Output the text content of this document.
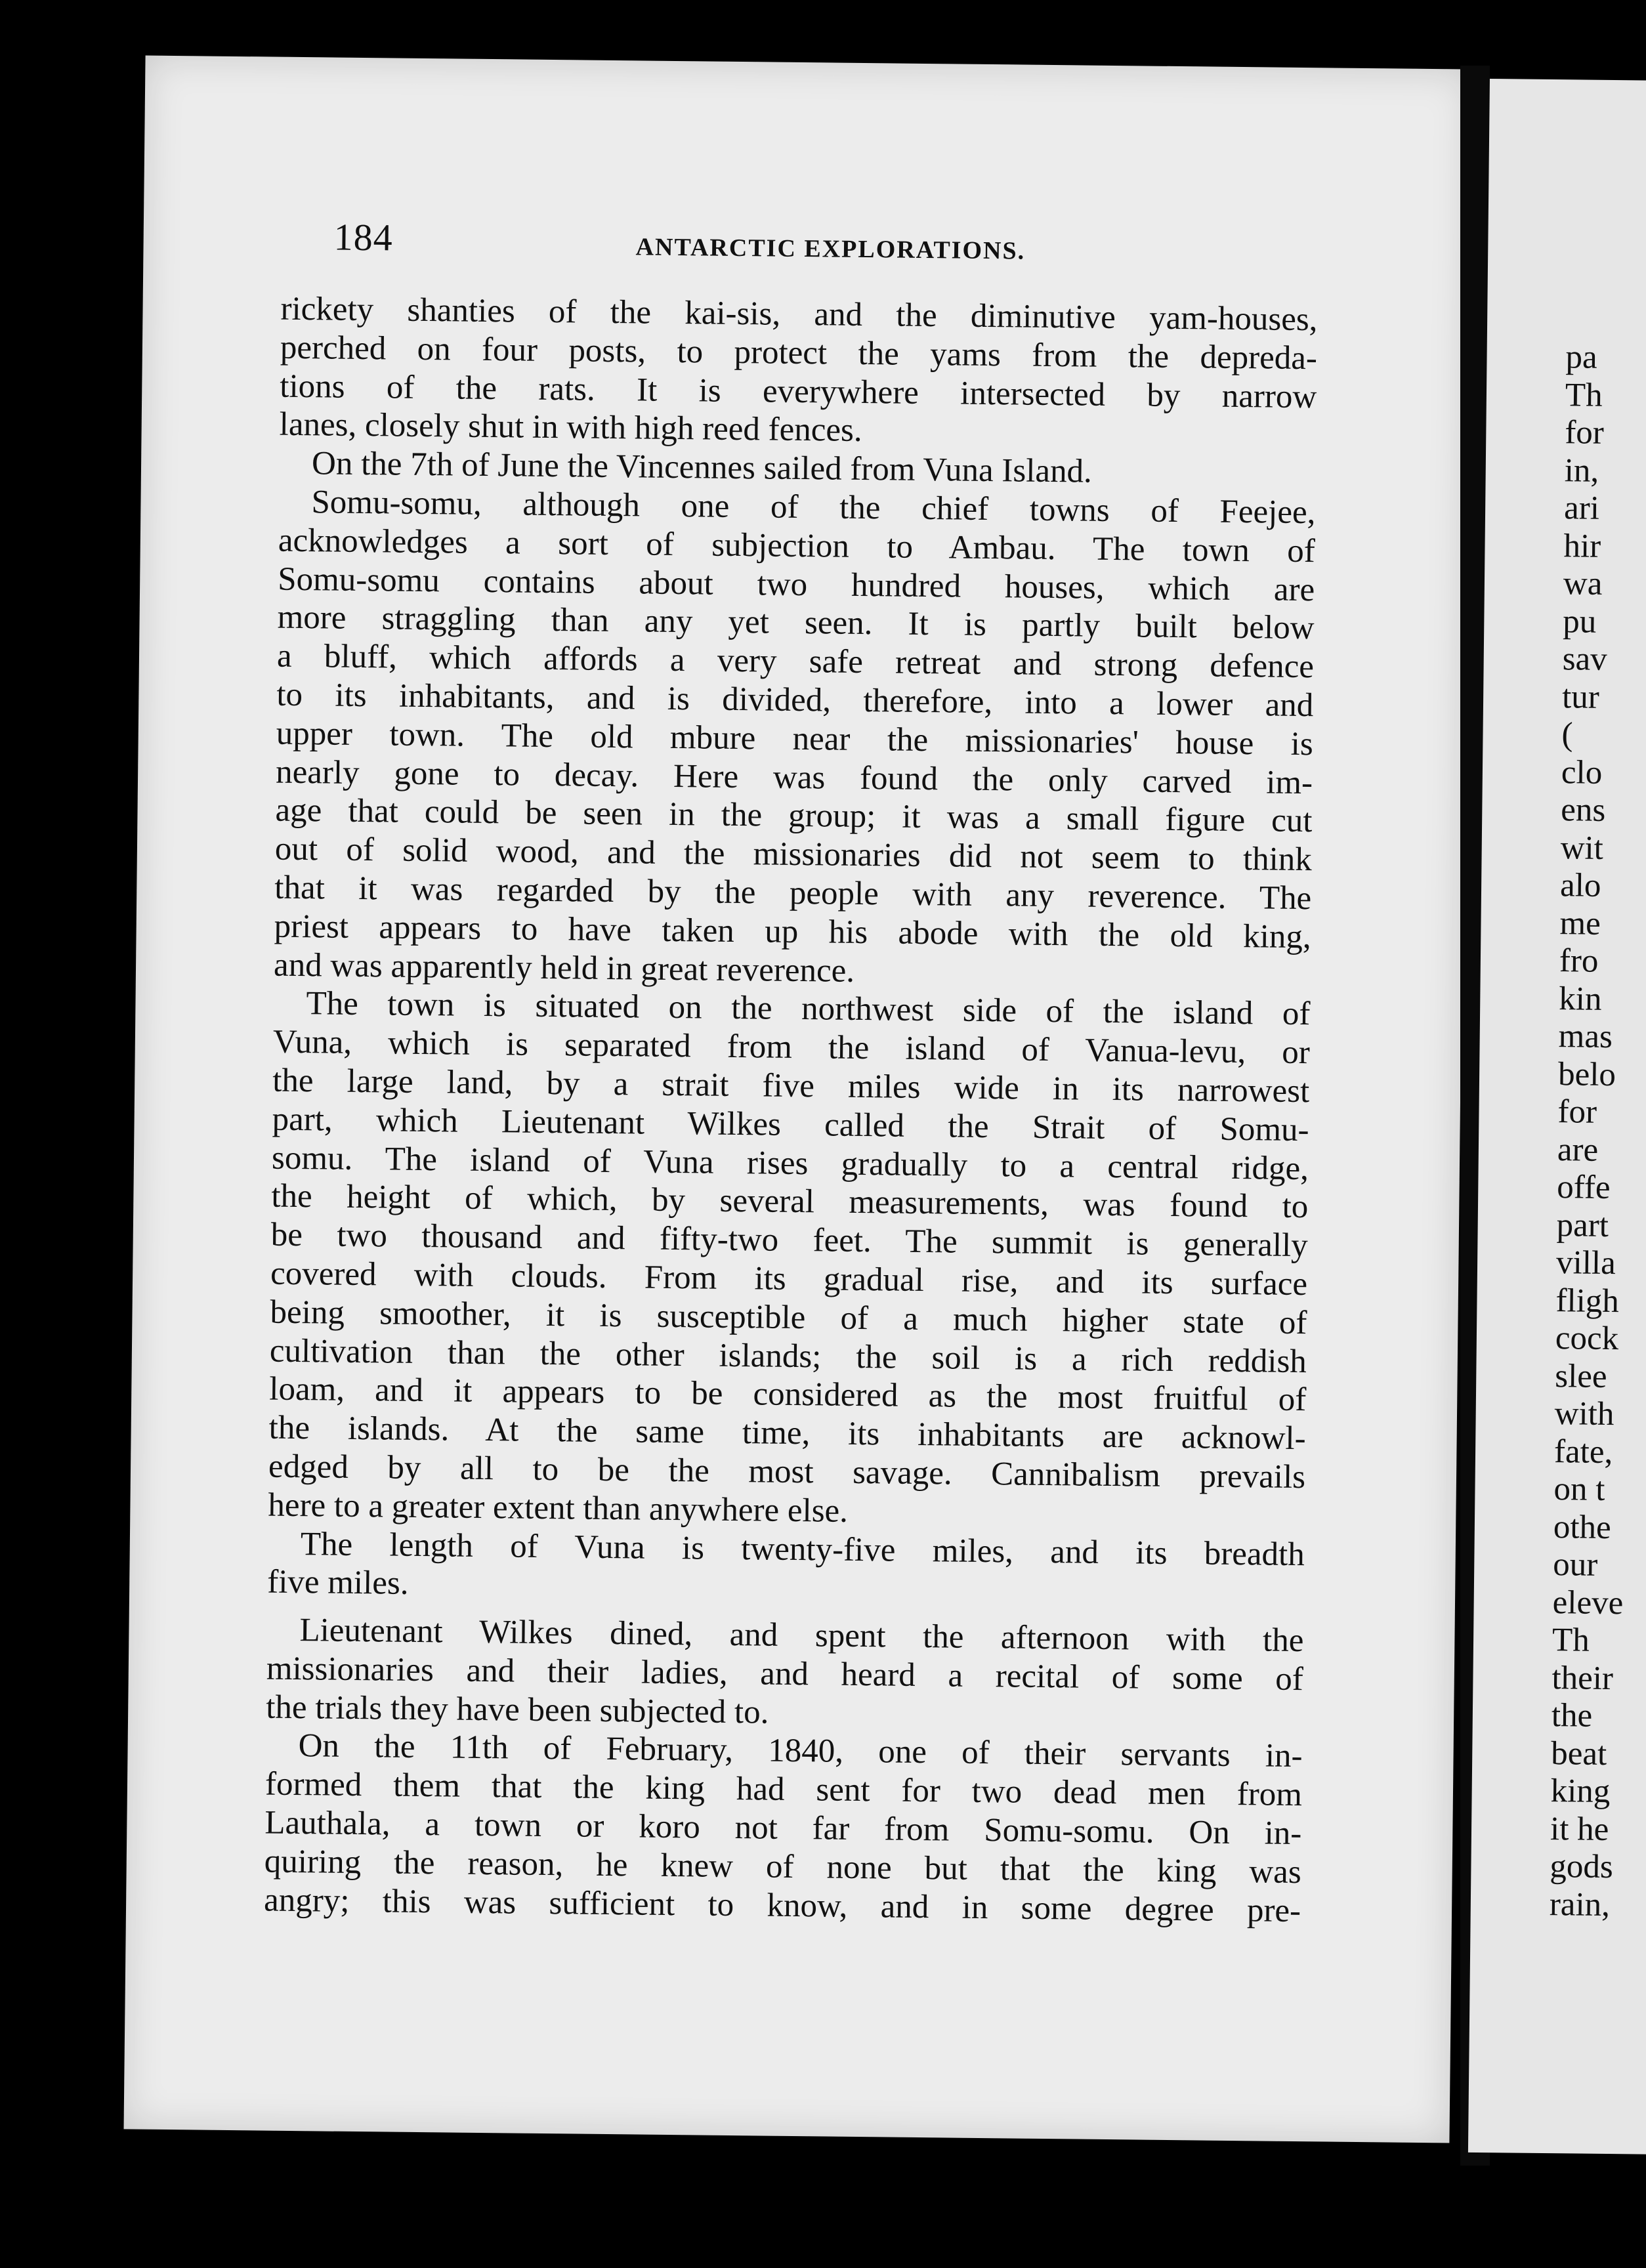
184	ANTARCTIC EXPLORATIONS.
rickety shanties of the kai-sis, and the diminutive yam-houses,
perched on four posts, to protect the yams from the depreda-
tions of the rats. It is everywhere intersected by narrow
lanes, closely shut in with high reed fences.
On the 7th of June the Vincennes sailed from Vuna Island.
Somu-somu, although one of the chief towns of Feejee,
acknowledges a sort of subjection to Ambau. The town of
Somu-somu contains about two hundred houses, which are
more straggling than any yet seen. It is partly built below
a bluff, which affords a very safe retreat and strong defence
to its inhabitants, and is divided, therefore, into a lower and
upper town. The old mbure near the missionaries' house is
nearly gone to decay. Here was found the only carved im-
age that could be seen in the group; it was a small figure cut
out of solid wood, and the missionaries did not seem to think
that it was regarded by the people with any reverence. The
priest appears to have taken up his abode with the old king,
and was apparently held in great reverence.
The town is situated on the northwest side of the island of
Vuna, which is separated from the island of Vanua-levu, or
the large land, by a strait five miles wide in its narrowest
part, which Lieutenant Wilkes called the Strait of Somu-
somu. The island of Vuna rises gradually to a central ridge,
the height of which, by several measurements, was found to
be two thousand and fifty-two feet. The summit is generally
covered with clouds. From its gradual rise, and its surface
being smoother, it is susceptible of a much higher state of
cultivation than the other islands; the soil is a rich reddish
loam, and it appears to be considered as the most fruitful of
the islands. At the same time, its inhabitants are acknowl-
edged by all to be the most savage. Cannibalism prevails
here to a greater extent than anywhere else.
The length of Vuna is twenty-five miles, and its breadth
five miles.
Lieutenant Wilkes dined, and spent the afternoon with the
missionaries and their ladies, and heard a recital of some of
the trials they have been subjected to.
On the 11th of February, 1840, one of their servants in-
formed them that the king had sent for two dead men from
Lauthala, a town or koro not far from Somu-somu. On in-
quiring the reason, he knew of none but that the king was
angry; this was sufficient to know, and in some degree pre-
pa
Th
for
in,
ari
hir
wa
pu
sav
tur
(
clo
ens
wit
alo
me
fro
kin
mas
belo
for
are
offe
part
villa
fligh
cock
slee
with
fate,
on t
othe
our
eleve
Th
their
the
beat
king
it he
gods
rain,
